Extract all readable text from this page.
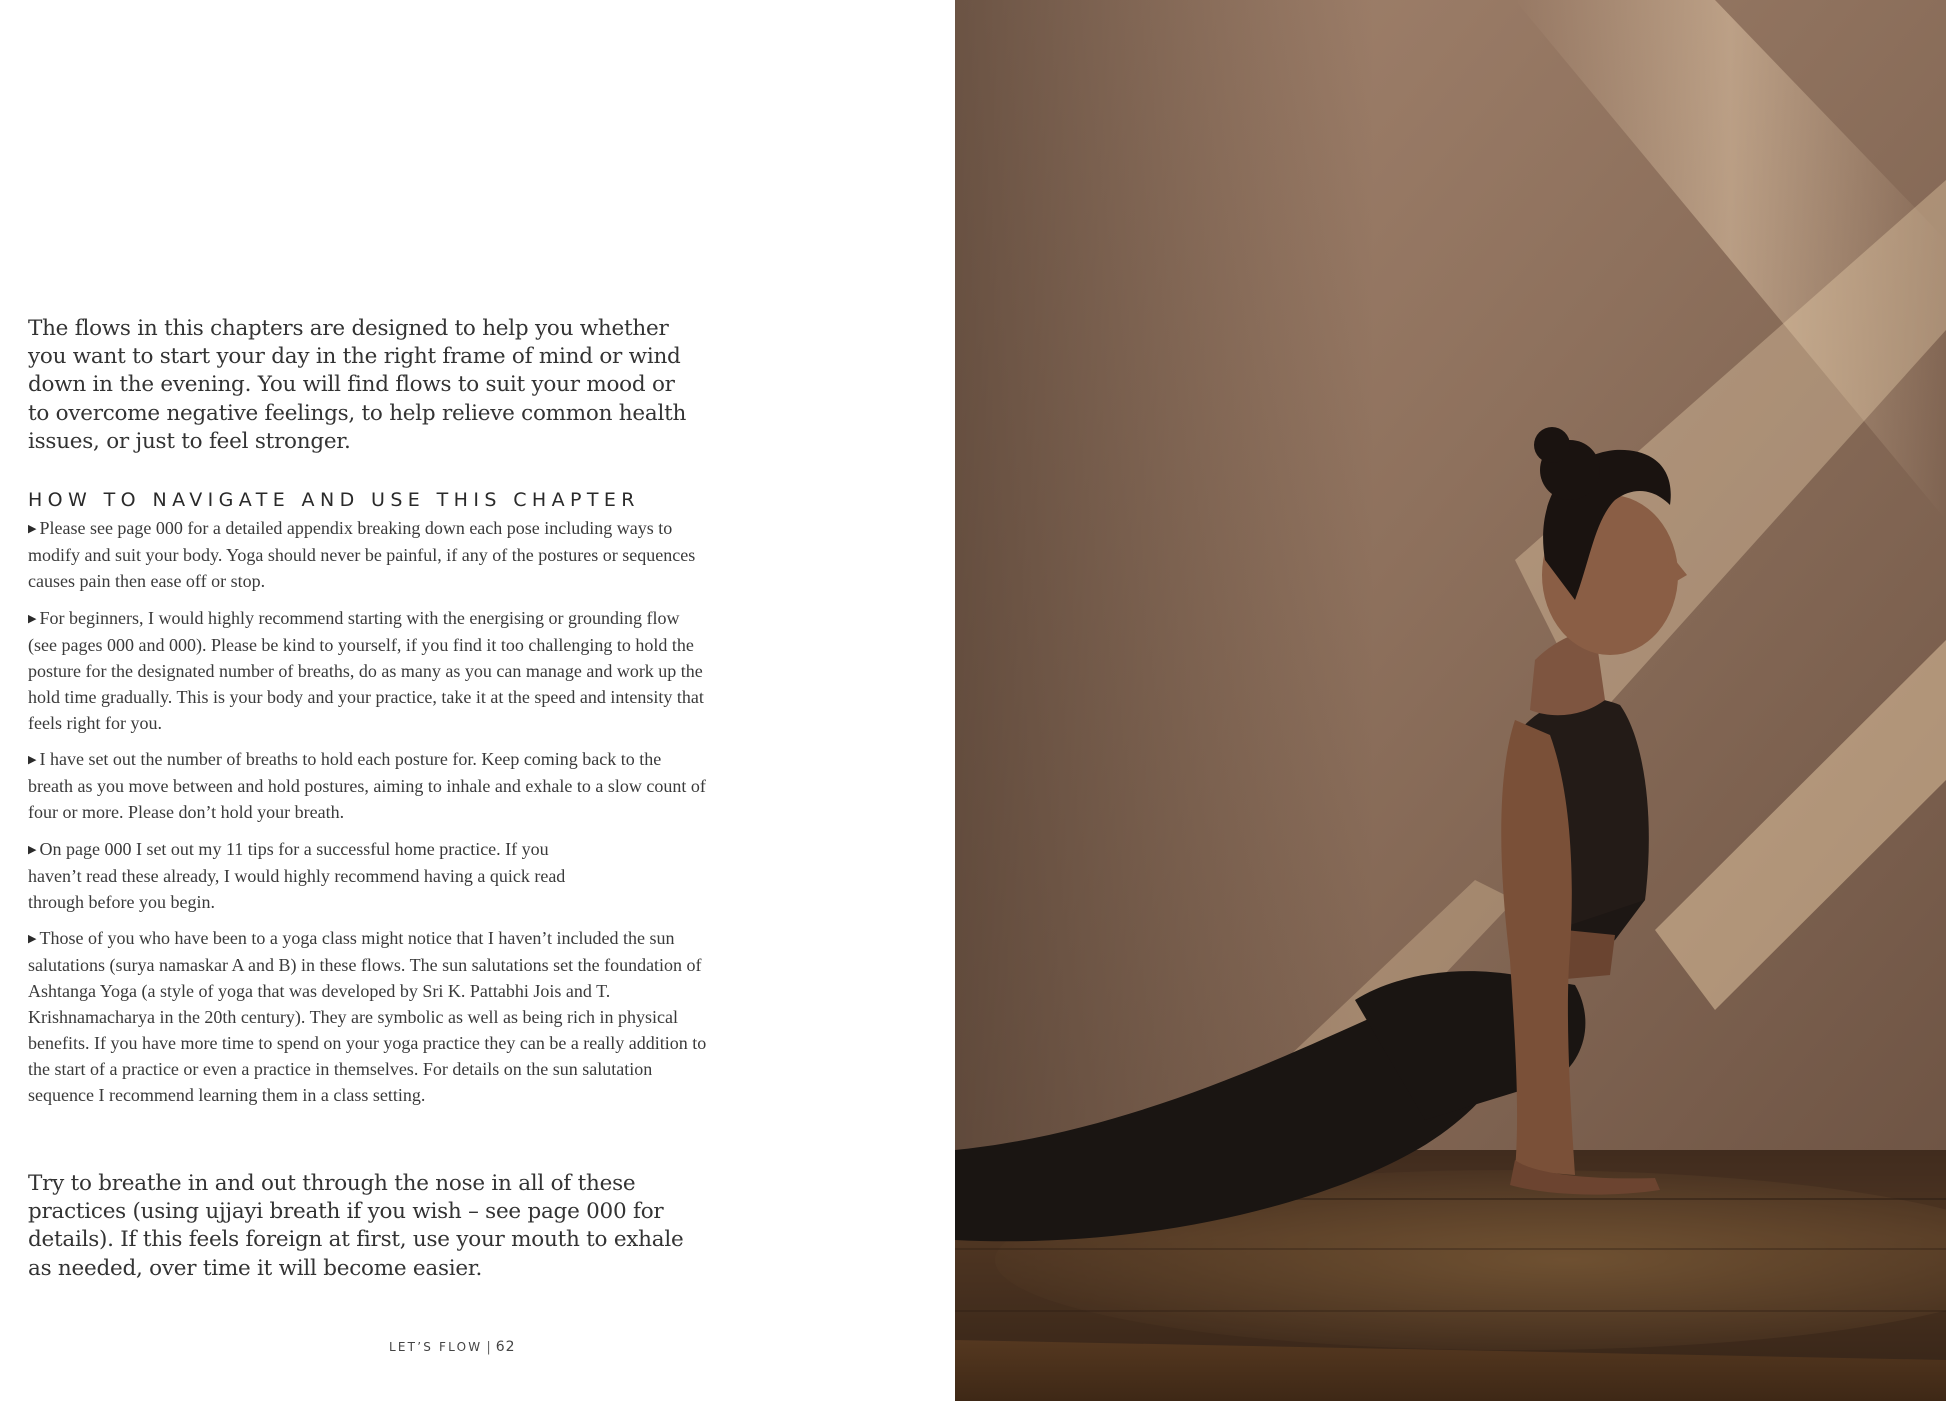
The flows in this chapters are designed to help you whether you want to start your day in the right frame of mind or wind down in the evening. You will find flows to suit your mood or to overcome negative feelings, to help relieve common health issues, or just to feel stronger.

HOW TO NAVIGATE AND USE THIS CHAPTER

▶ Please see page 000 for a detailed appendix breaking down each pose including ways to modify and suit your body. Yoga should never be painful, if any of the postures or sequences causes pain then ease off or stop.

▶ For beginners, I would highly recommend starting with the energising or grounding flow (see pages 000 and 000). Please be kind to yourself, if you find it too challenging to hold the posture for the designated number of breaths, do as many as you can manage and work up the hold time gradually. This is your body and your practice, take it at the speed and intensity that feels right for you.

▶ I have set out the number of breaths to hold each posture for. Keep coming back to the breath as you move between and hold postures, aiming to inhale and exhale to a slow count of four or more. Please don’t hold your breath.

▶ On page 000 I set out my 11 tips for a successful home practice. If you haven’t read these already, I would highly recommend having a quick read through before you begin.

▶ Those of you who have been to a yoga class might notice that I haven’t included the sun salutations (surya namaskar A and B) in these flows. The sun salutations set the foundation of Ashtanga Yoga (a style of yoga that was developed by Sri K. Pattabhi Jois and T. Krishnamacharya in the 20th century). They are symbolic as well as being rich in physical benefits. If you have more time to spend on your yoga practice they can be a really addition to the start of a practice or even a practice in themselves. For details on the sun salutation sequence I recommend learning them in a class setting.

Try to breathe in and out through the nose in all of these practices (using ujjayi breath if you wish – see page 000 for details). If this feels foreign at first, use your mouth to exhale as needed, over time it will become easier.

LET’S FLOW | 62
